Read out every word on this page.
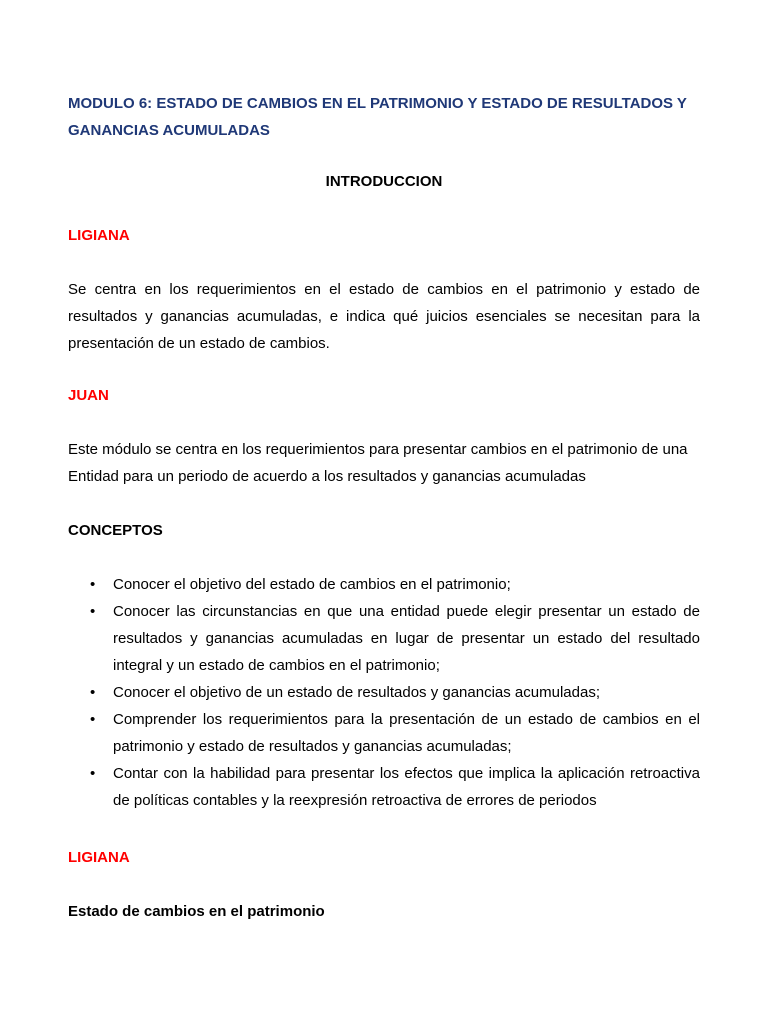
MODULO 6: ESTADO DE CAMBIOS EN EL PATRIMONIO Y ESTADO DE RESULTADOS Y GANANCIAS ACUMULADAS
INTRODUCCION
LIGIANA
Se centra en los requerimientos en el estado de cambios en el patrimonio y estado de resultados y ganancias acumuladas, e indica qué juicios esenciales se necesitan para la presentación de un estado de cambios.
JUAN
Este módulo se centra en los requerimientos para presentar cambios en el patrimonio de una Entidad para un periodo de acuerdo a los resultados y ganancias acumuladas
CONCEPTOS
• Conocer el objetivo del estado de cambios en el patrimonio;
• Conocer las circunstancias en que una entidad puede elegir presentar un estado de resultados y ganancias acumuladas en lugar de presentar un estado del resultado integral y un estado de cambios en el patrimonio;
• Conocer el objetivo de un estado de resultados y ganancias acumuladas;
• Comprender los requerimientos para la presentación de un estado de cambios en el patrimonio y estado de resultados y ganancias acumuladas;
• Contar con la habilidad para presentar los efectos que implica la aplicación retroactiva de políticas contables y la reexpresión retroactiva de errores de periodos
LIGIANA
Estado de cambios en el patrimonio
